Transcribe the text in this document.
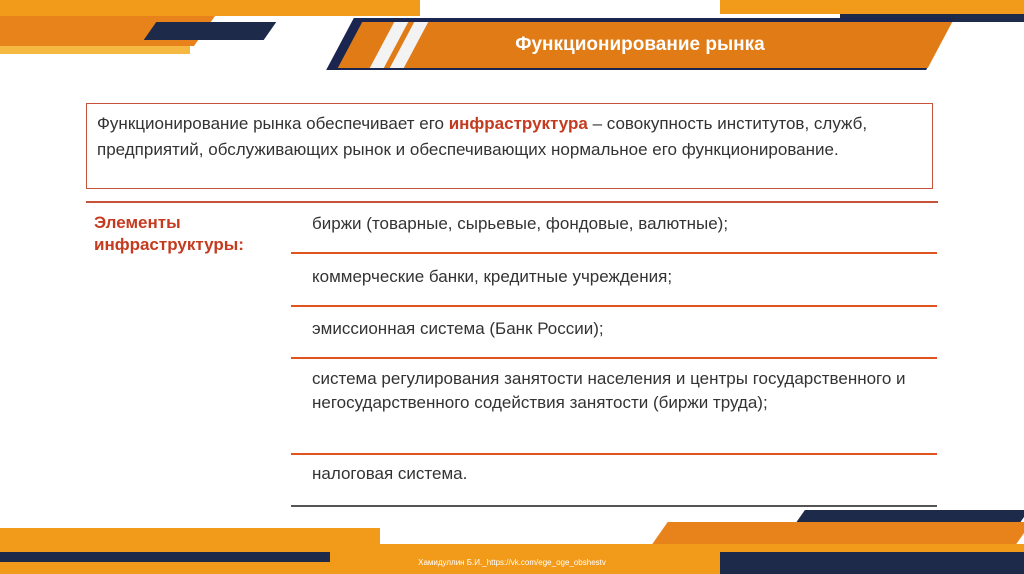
Функционирование рынка
Функционирование рынка обеспечивает его инфраструктура – совокупность институтов, служб, предприятий, обслуживающих рынок и обеспечивающих нормальное его функционирование.
Элементы инфраструктуры:
биржи (товарные, сырьевые, фондовые, валютные);
коммерческие банки, кредитные учреждения;
эмиссионная система (Банк России);
система регулирования занятости населения и центры государственного и негосударственного содействия занятости (биржи труда);
налоговая система.
Хамидуллин Б.И._https://vk.com/ege_oge_obshestv
